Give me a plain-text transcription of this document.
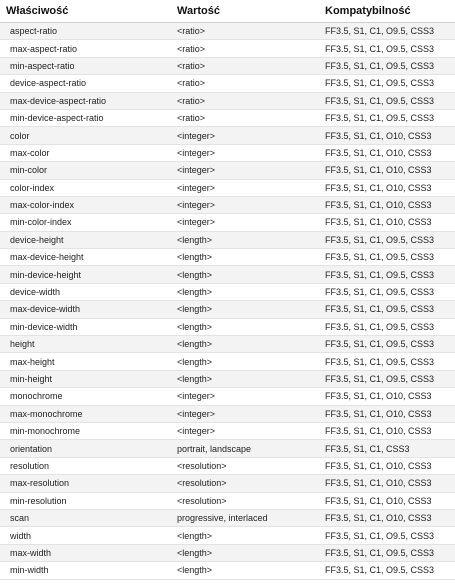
Właściwość	Wartość	Kompatybilność
aspect-ratio	<ratio>	FF3.5, S1, C1, O9.5, CSS3
max-aspect-ratio	<ratio>	FF3.5, S1, C1, O9.5, CSS3
min-aspect-ratio	<ratio>	FF3.5, S1, C1, O9.5, CSS3
device-aspect-ratio	<ratio>	FF3.5, S1, C1, O9.5, CSS3
max-device-aspect-ratio	<ratio>	FF3.5, S1, C1, O9.5, CSS3
min-device-aspect-ratio	<ratio>	FF3.5, S1, C1, O9.5, CSS3
color	<integer>	FF3.5, S1, C1, O10, CSS3
max-color	<integer>	FF3.5, S1, C1, O10, CSS3
min-color	<integer>	FF3.5, S1, C1, O10, CSS3
color-index	<integer>	FF3.5, S1, C1, O10, CSS3
max-color-index	<integer>	FF3.5, S1, C1, O10, CSS3
min-color-index	<integer>	FF3.5, S1, C1, O10, CSS3
device-height	<length>	FF3.5, S1, C1, O9.5, CSS3
max-device-height	<length>	FF3.5, S1, C1, O9.5, CSS3
min-device-height	<length>	FF3.5, S1, C1, O9.5, CSS3
device-width	<length>	FF3.5, S1, C1, O9.5, CSS3
max-device-width	<length>	FF3.5, S1, C1, O9.5, CSS3
min-device-width	<length>	FF3.5, S1, C1, O9.5, CSS3
height	<length>	FF3.5, S1, C1, O9.5, CSS3
max-height	<length>	FF3.5, S1, C1, O9.5, CSS3
min-height	<length>	FF3.5, S1, C1, O9.5, CSS3
monochrome	<integer>	FF3.5, S1, C1, O10, CSS3
max-monochrome	<integer>	FF3.5, S1, C1, O10, CSS3
min-monochrome	<integer>	FF3.5, S1, C1, O10, CSS3
orientation	portrait, landscape	FF3.5, S1, C1, CSS3
resolution	<resolution>	FF3.5, S1, C1, O10, CSS3
max-resolution	<resolution>	FF3.5, S1, C1, O10, CSS3
min-resolution	<resolution>	FF3.5, S1, C1, O10, CSS3
scan	progressive, interlaced	FF3.5, S1, C1, O10, CSS3
width	<length>	FF3.5, S1, C1, O9.5, CSS3
max-width	<length>	FF3.5, S1, C1, O9.5, CSS3
min-width	<length>	FF3.5, S1, C1, O9.5, CSS3
